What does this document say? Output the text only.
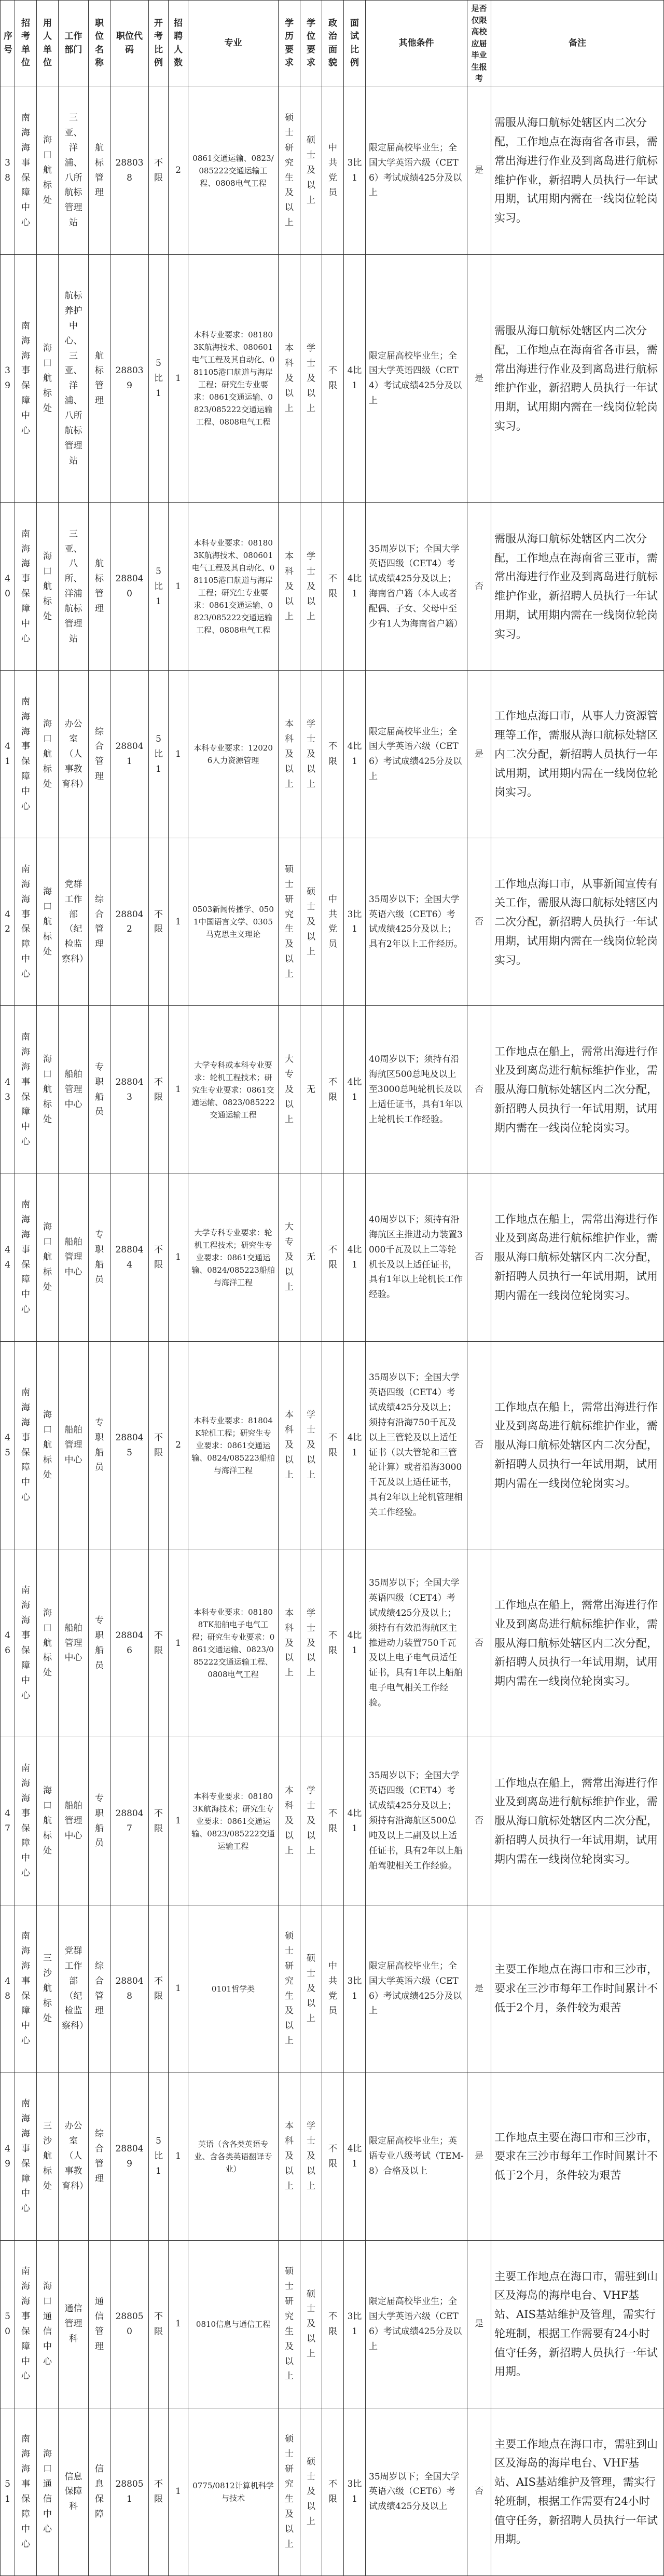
序号	招考单位	用人单位	工作部门	职位名称	职位代码	开考比例	招聘人数	专业	学历要求	学位要求	政治面貌	面试比例	其他条件	是否仅限高校应届毕业生报考	备注
38	南海海事保障中心	海口航标处	三亚、洋浦、八所航标管理站	航标管理	288038	不限	2	0861交通运输、0823/085222交通运输工程、0808电气工程	硕士研究生及以上	硕士及以上	中共党员	3比1	限定届高校毕业生；全国大学英语六级（CET6）考试成绩425分及以上	是	需服从海口航标处辖区内二次分配，工作地点在海南省各市县，需常出海进行作业及到离岛进行航标维护作业，新招聘人员执行一年试用期，试用期内需在一线岗位轮岗实习。
39	南海海事保障中心	海口航标处	航标养护中心、三亚、洋浦、八所航标管理站	航标管理	288039	5比1	1	本科专业要求：081803K航海技术、080601电气工程及其自动化、081105港口航道与海岸工程；研究生专业要求：0861交通运输、0823/085222交通运输工程、0808电气工程	本科及以上	学士及以上	不限	4比1	限定届高校毕业生；全国大学英语四级（CET4）考试成绩425分及以上	是	需服从海口航标处辖区内二次分配，工作地点在海南省各市县，需常出海进行作业及到离岛进行航标维护作业，新招聘人员执行一年试用期，试用期内需在一线岗位轮岗实习。
40	南海海事保障中心	海口航标处	三亚、八所、洋浦航标管理站	航标管理	288040	5比1	1	本科专业要求：081803K航海技术、080601电气工程及其自动化、081105港口航道与海岸工程；研究生专业要求：0861交通运输、0823/085222交通运输工程、0808电气工程	本科及以上	学士及以上	不限	4比1	35周岁以下；全国大学英语四级（CET4）考试成绩425分及以上；海南省户籍（本人或者配偶、子女、父母中至少有1人为海南省户籍）	否	需服从海口航标处辖区内二次分配，工作地点在海南省三亚市，需常出海进行作业及到离岛进行航标维护作业，新招聘人员执行一年试用期，试用期内需在一线岗位轮岗实习。
41	南海海事保障中心	海口航标处	办公室（人事教育科）	综合管理	288041	5比1	1	本科专业要求：120206人力资源管理	本科及以上	学士及以上	不限	4比1	限定届高校毕业生；全国大学英语六级（CET6）考试成绩425分及以上	是	工作地点海口市，从事人力资源管理等工作，需服从海口航标处辖区内二次分配，新招聘人员执行一年试用期，试用期内需在一线岗位轮岗实习。
42	南海海事保障中心	海口航标处	党群工作部（纪检监察科）	综合管理	288042	不限	1	0503新闻传播学、0501中国语言文学、0305马克思主义理论	硕士研究生及以上	硕士及以上	中共党员	3比1	35周岁以下；全国大学英语六级（CET6）考试成绩425分及以上；具有2年以上工作经历。	否	工作地点海口市，从事新闻宣传有关工作，需服从海口航标处辖区内二次分配，新招聘人员执行一年试用期，试用期内需在一线岗位轮岗实习。
43	南海海事保障中心	海口航标处	船舶管理中心	专职船员	288043	不限	1	大学专科或本科专业要求：轮机工程技术；研究生专业要求：0861交通运输、0823/085222交通运输工程	大专及以上	无	不限	4比1	40周岁以下；须持有沿海航区500总吨及以上至3000总吨轮机长及以上适任证书，具有1年以上轮机长工作经验。	否	工作地点在船上，需常出海进行作业及到离岛进行航标维护作业，需服从海口航标处辖区内二次分配，新招聘人员执行一年试用期，试用期内需在一线岗位轮岗实习。
44	南海海事保障中心	海口航标处	船舶管理中心	专职船员	288044	不限	1	大学专科专业要求：轮机工程技术；研究生专业要求：0861交通运输、0824/085223船舶与海洋工程	大专及以上	无	不限	4比1	40周岁以下；须持有沿海航区主推进动力装置3000千瓦及以上二等轮机长及以上适任证书，具有1年以上轮机长工作经验。	否	工作地点在船上，需常出海进行作业及到离岛进行航标维护作业，需服从海口航标处辖区内二次分配，新招聘人员执行一年试用期，试用期内需在一线岗位轮岗实习。
45	南海海事保障中心	海口航标处	船舶管理中心	专职船员	288045	不限	2	本科专业要求：81804K轮机工程；研究生专业要求：0861交通运输、0824/085223船舶与海洋工程	本科及以上	学士及以上	不限	4比1	35周岁以下；全国大学英语四级（CET4）考试成绩425分及以上；须持有沿海750千瓦及以上三管轮及以上适任证书（以大管轮和三管轮计算）或者沿海3000千瓦及以上适任证书，具有2年以上轮机管理相关工作经验。	否	工作地点在船上，需常出海进行作业及到离岛进行航标维护作业，需服从海口航标处辖区内二次分配，新招聘人员执行一年试用期，试用期内需在一线岗位轮岗实习。
46	南海海事保障中心	海口航标处	船舶管理中心	专职船员	288046	不限	1	本科专业要求：081808TK船舶电子电气工程；研究生专业要求：0861交通运输、0823/085222交通运输工程、0808电气工程	本科及以上	学士及以上	不限	4比1	35周岁以下；全国大学英语四级（CET4）考试成绩425分及以上；须持有有效沿海航区主推进动力装置750千瓦及以上电子电气员适任证书，具有1年以上船舶电子电气相关工作经验。	否	工作地点在船上，需常出海进行作业及到离岛进行航标维护作业，需服从海口航标处辖区内二次分配，新招聘人员执行一年试用期，试用期内需在一线岗位轮岗实习。
47	南海海事保障中心	海口航标处	船舶管理中心	专职船员	288047	不限	1	本科专业要求：081803K航海技术；研究生专业要求：0861交通运输、0823/085222交通运输工程	本科及以上	学士及以上	不限	4比1	35周岁以下；全国大学英语四级（CET4）考试成绩425分及以上；须持有沿海航区500总吨及以上二副及以上适任证书，具有2年以上船舶驾驶相关工作经验。	否	工作地点在船上，需常出海进行作业及到离岛进行航标维护作业，需服从海口航标处辖区内二次分配，新招聘人员执行一年试用期，试用期内需在一线岗位轮岗实习。
48	南海海事保障中心	三沙航标处	党群工作部（纪检监察科）	综合管理	288048	不限	1	0101哲学类	硕士研究生及以上	硕士及以上	中共党员	3比1	限定届高校毕业生；全国大学英语六级（CET6）考试成绩425分及以上	是	主要工作地点在海口市和三沙市，要求在三沙市每年工作时间累计不低于2个月，条件较为艰苦
49	南海海事保障中心	三沙航标处	办公室（人事教育科）	综合管理	288049	5比1	1	英语（含各类英语专业、含各类英语翻译专业）	本科及以上	学士及以上	不限	4比1	限定届高校毕业生；英语专业八级考试（TEM-8）合格及以上	是	工作地点主要在海口市和三沙市，要求在三沙市每年工作时间累计不低于2个月，条件较为艰苦
50	南海海事保障中心	海口通信中心	通信管理科	通信管理	288050	不限	1	0810信息与通信工程	硕士研究生及以上	硕士及以上	不限	3比1	限定届高校毕业生；全国大学英语六级（CET6）考试成绩425分及以上	是	主要工作地点在海口市，需驻到山区及海岛的海岸电台、VHF基站、AIS基站维护及管理，需实行轮班制，根据工作需要有24小时值守任务，新招聘人员执行一年试用期。
51	南海海事保障中心	海口通信中心	信息保障科	信息保障	288051	不限	1	0775/0812计算机科学与技术	硕士研究生及以上	硕士及以上	不限	3比1	35周岁以下；全国大学英语六级（CET6）考试成绩425分及以上	否	主要工作地点在海口市，需驻到山区及海岛的海岸电台、VHF基站、AIS基站维护及管理，需实行轮班制，根据工作需要有24小时值守任务，新招聘人员执行一年试用期。
